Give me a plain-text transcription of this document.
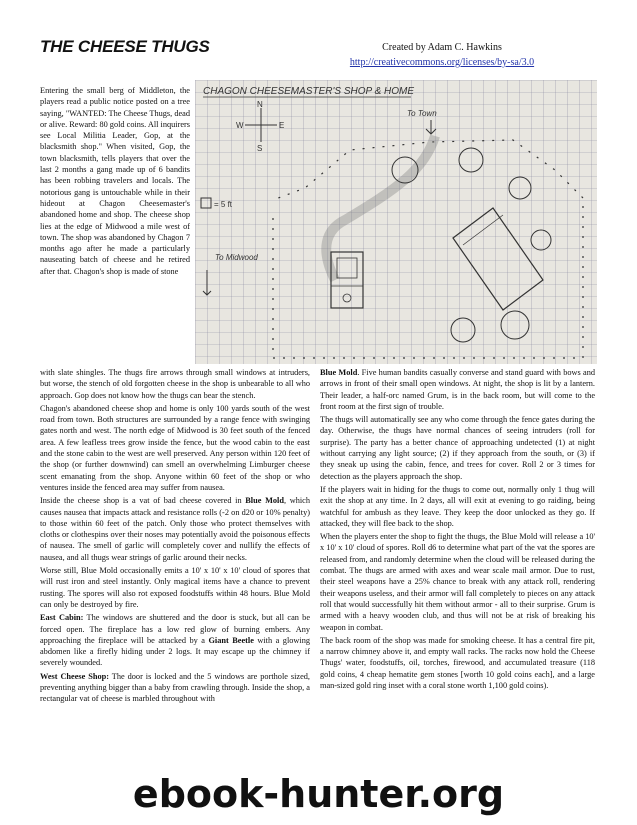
THE CHEESE THUGS	Created by Adam C. Hawkins
http://creativecommons.org/licenses/by-sa/3.0
CHAGON CHEESEMASTER'S SHOP & HOME
N
S
E
W
= 5 ft
To Town
To Midwood

Entering the small berg of Middleton, the players read a public notice posted on a tree saying, "WANTED: The Cheese Thugs, dead or alive. Reward: 80 gold coins. All inquirers see Local Militia Leader, Gop, at the blacksmith shop." When visited, Gop, the town blacksmith, tells players that over the last 2 months a gang made up of 6 bandits has been robbing travelers and locals. The notorious gang is untouchable while in their hideout at Chagon Cheesemaster's abandoned home and shop. The cheese shop lies at the edge of Midwood a mile west of town. The shop was abandoned by Chagon 7 months ago after he made a particularly nauseating batch of cheese and he retired after that. Chagon's shop is made of stone

with slate shingles. The thugs fire arrows through small windows at intruders, but worse, the stench of old forgotten cheese in the shop is unbearable to all who approach. Gop does not know how the thugs can bear the stench.

Chagon's abandoned cheese shop and home is only 100 yards south of the west road from town. Both structures are surrounded by a range fence with swinging gates north and west. The north edge of Midwood is 30 feet south of the fenced area. A few leafless trees grow inside the fence, but the wood cabin to the east and the stone cabin to the west are well preserved. Any person within 120 feet of the shop (or further downwind) can smell an overwhelming Limburger cheese scent emanating from the shop. Anyone within 60 feet of the shop or who ventures inside the fenced area may suffer from nausea.

Inside the cheese shop is a vat of bad cheese covered in Blue Mold, which causes nausea that impacts attack and resistance rolls (-2 on d20 or 10% penalty) to those within 60 feet of the patch. Only those who protect themselves with cloths or clothespins over their noses may potentially avoid the poisonous effects of nausea. The smell of garlic will completely cover and nullify the effects of nausea, and all thugs wear strings of garlic around their necks.

Worse still, Blue Mold occasionally emits a 10' x 10' x 10' cloud of spores that will rust iron and steel instantly. Only magical items have a chance to prevent rusting. The spores will also rot exposed foodstuffs within 48 hours. Blue Mold can only be destroyed by fire.

East Cabin: The windows are shuttered and the door is stuck, but all can be forced open. The fireplace has a low red glow of burning embers. Any approaching the fireplace will be attacked by a Giant Beetle with a glowing abdomen like a firefly hiding under 2 logs. It may escape up the chimney if severely wounded.

West Cheese Shop: The door is locked and the 5 windows are porthole sized, preventing anything bigger than a baby from crawling through. Inside the shop, a rectangular vat of cheese is marbled throughout with

Blue Mold. Five human bandits casually converse and stand guard with bows and arrows in front of their small open windows. At night, the shop is lit by a lantern. Their leader, a half-orc named Grum, is in the back room, but will come to the front room at the first sign of trouble.

The thugs will automatically see any who come through the fence gates during the day. Otherwise, the thugs have normal chances of seeing intruders (roll for surprise). The party has a better chance of approaching undetected (1) at night without carrying any light source; (2) if they approach from the south, or (3) if they sneak up using the cabin, fence, and trees for cover. Roll 2 or 3 times for detection as the players approach the shop.

If the players wait in hiding for the thugs to come out, normally only 1 thug will exit the shop at any time. In 2 days, all will exit at evening to go raiding, being watchful for ambush as they leave. They keep the door unlocked as they go. If attacked, they will flee back to the shop.

When the players enter the shop to fight the thugs, the Blue Mold will release a 10' x 10' x 10' cloud of spores. Roll d6 to determine what part of the vat the spores are released from, and randomly determine when the cloud will be released during the combat. The thugs are armed with axes and wear scale mail armor. Due to rust, their steel weapons have a 25% chance to break with any attack roll, rendering their weapons useless, and their armor will fall completely to pieces on any attack roll that would successfully hit them without armor - all to their surprise. Grum is armed with a heavy wooden club, and thus will not be at risk of breaking his weapon in combat.

The back room of the shop was made for smoking cheese. It has a central fire pit, a narrow chimney above it, and empty wall racks. The racks now hold the Cheese Thugs' water, foodstuffs, oil, torches, firewood, and accumulated treasure (118 gold coins, 4 cheap hematite gem stones [worth 10 gold coins each], and a large man-sized gold ring inset with a coral stone worth 1,100 gold coins).

ebook-hunter.org
